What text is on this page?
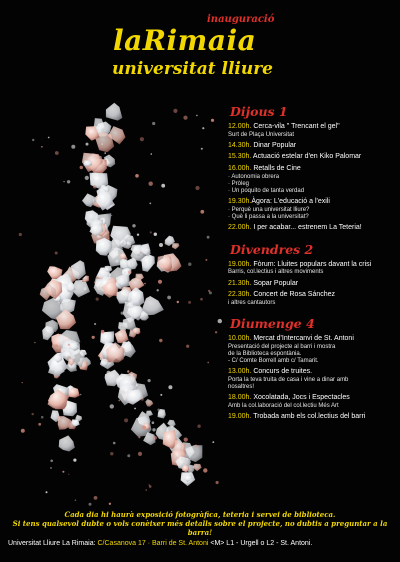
inauguració
laRimaia
universitat lliure
Dijous 1
12.00h. Cerca-vila " Trencant el gel"
Surt de Plaça Universitat
14.30h. Dinar Popular
15.30h. Actuació estelar d'en Kiko Palomar
16.00h. Retalls de Cine
· Autonomia obrera
· Pròleg
· Un poquito de tanta verdad
19.30h.Àgora: L'educació a l'exili
· Perquè una universitat lliure?
· Què li passa a la universitat?
22.00h. I per acabar... estrenem La Teteria!
Divendres 2
19.00h. Fòrum: Lluites populars davant la crisi
Barris, col.lectius i altres moviments
21.30h. Sopar Popular
22.30h. Concert de Rosa Sánchez
i altres cantautors
Diumenge 4
10.00h. Mercat d'Intercanvi de St. Antoni
Presentació del projecte al barri i mostra
de la Biblioteca espontània.
- C/ Comte Borrell amb c/ Tamarit.
13.00h. Concurs de truites.
Porta la teva truita de casa i vine a dinar amb
nosaltres!
18.00h. Xocolatada, Jocs i Espectacles
Amb la col.laboració del col.lectiu Més Art
19.00h. Trobada amb els col.lectius del barri
Cada dia hi haurà exposició fotogràfica, teteria i servei de biblioteca.
Si tens qualsevol dubte o vols conèixer més detalls sobre el projecte, no dubtis a preguntar a la barra!
Universitat Lliure La Rimaia: C/Casanova 17 · Barri de St. Antoni <M> L1 - Urgell o L2 - St. Antoni.
